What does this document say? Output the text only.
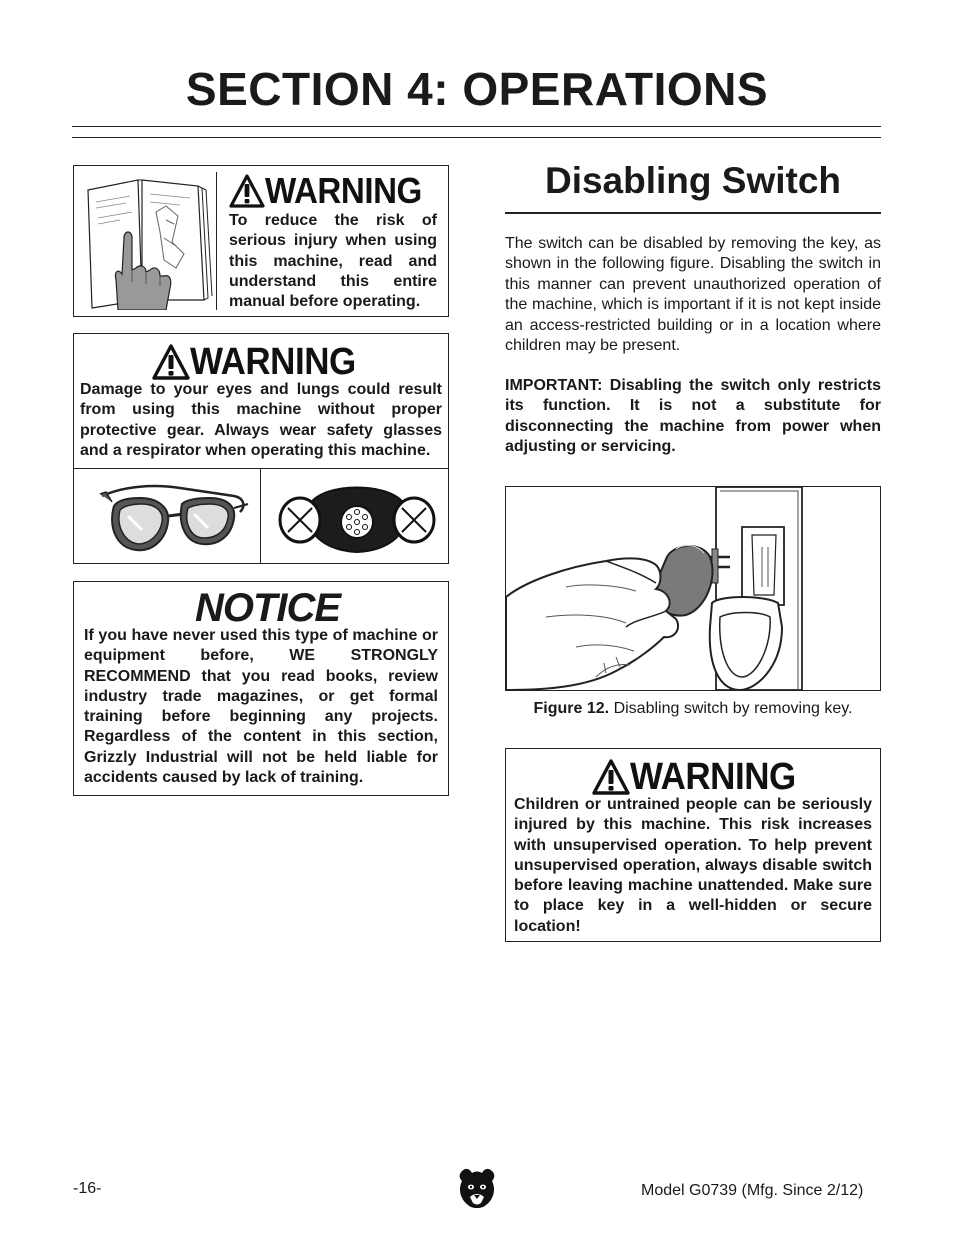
SECTION 4: OPERATIONS
WARNING
To reduce the risk of serious injury when using this machine, read and understand this entire manual before operating.
WARNING
Damage to your eyes and lungs could result from using this machine without proper protective gear. Always wear safety glasses and a respirator when operating this machine.
NOTICE
If you have never used this type of machine or equipment before, WE STRONGLY RECOMMEND that you read books, review industry trade magazines, or get formal training before beginning any projects. Regardless of the content in this section, Grizzly Industrial will not be held liable for accidents caused by lack of training.
Disabling Switch
The switch can be disabled by removing the key, as shown in the following figure. Disabling the switch in this manner can prevent unauthorized operation of the machine, which is important if it is not kept inside an access-restricted building or in a location where children may be present.
IMPORTANT: Disabling the switch only restricts its function. It is not a substitute for disconnecting the machine from power when adjusting or servicing.
Figure 12. Disabling switch by removing key.
WARNING
Children or untrained people can be seriously injured by this machine. This risk increases with unsupervised operation. To help prevent unsupervised operation, always disable switch before leaving machine unattended. Make sure to place key in a well-hidden or secure location!
-16-	Model G0739 (Mfg. Since 2/12)
